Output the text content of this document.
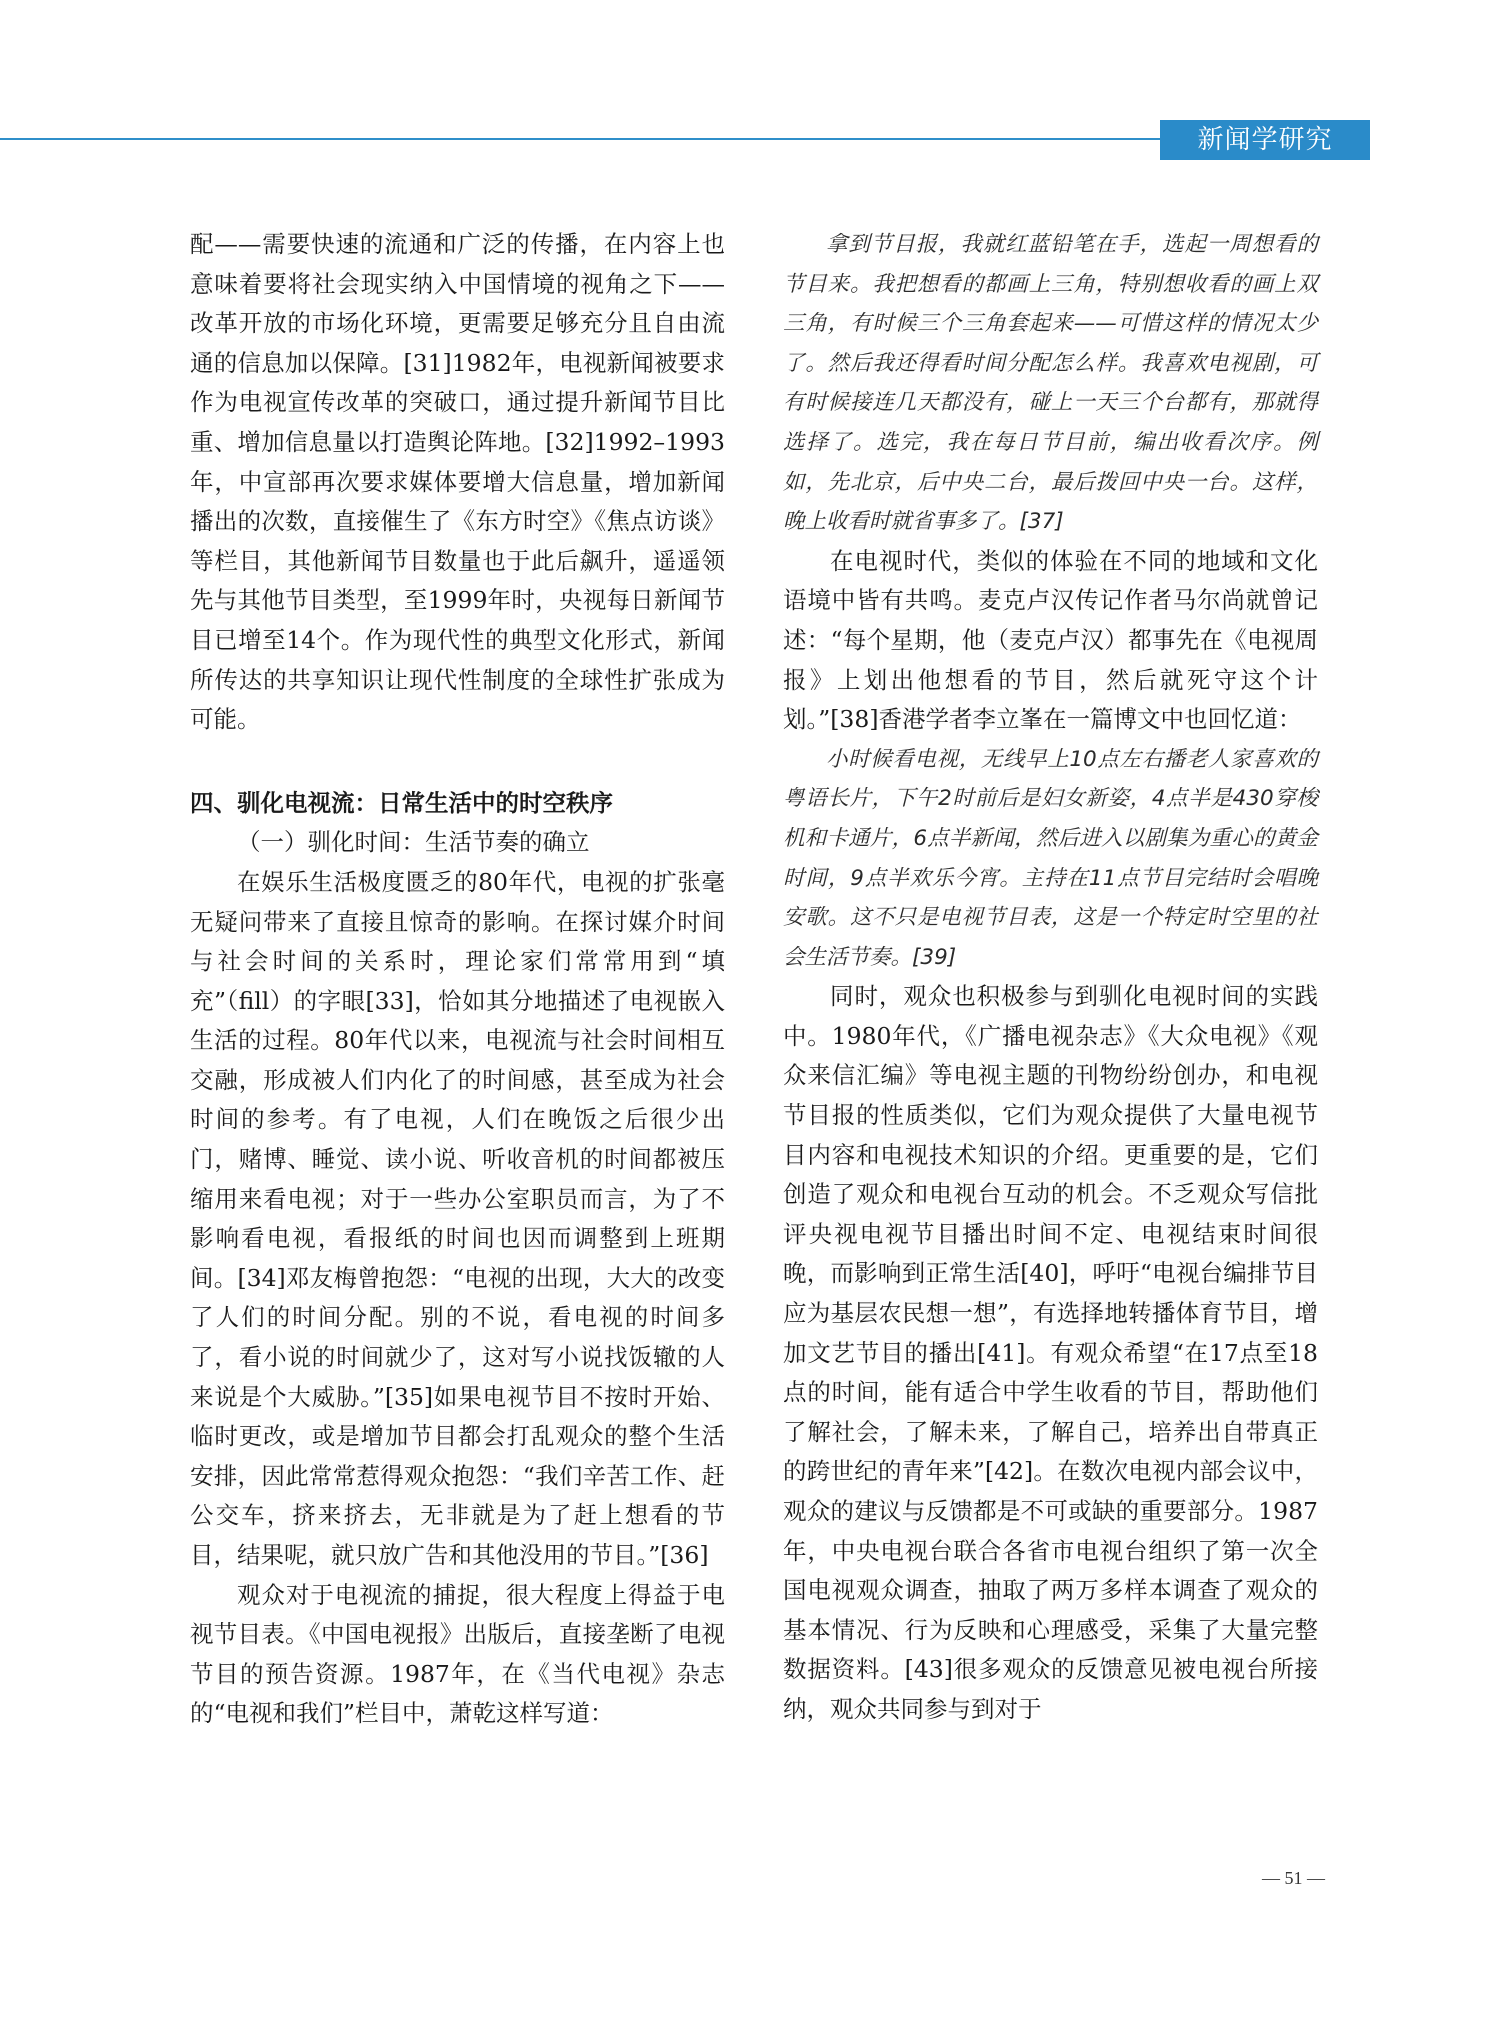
新闻学研究

配——需要快速的流通和广泛的传播，在内容上也意味着要将社会现实纳入中国情境的视角之下——改革开放的市场化环境，更需要足够充分且自由流通的信息加以保障。[31]1982年，电视新闻被要求作为电视宣传改革的突破口，通过提升新闻节目比重、增加信息量以打造舆论阵地。[32]1992–1993年，中宣部再次要求媒体要增大信息量，增加新闻播出的次数，直接催生了《东方时空》《焦点访谈》等栏目，其他新闻节目数量也于此后飙升，遥遥领先与其他节目类型，至1999年时，央视每日新闻节目已增至14个。作为现代性的典型文化形式，新闻所传达的共享知识让现代性制度的全球性扩张成为可能。

四、驯化电视流：日常生活中的时空秩序

（一）驯化时间：生活节奏的确立

在娱乐生活极度匮乏的80年代，电视的扩张毫无疑问带来了直接且惊奇的影响。在探讨媒介时间与社会时间的关系时，理论家们常常用到“填充”（fill）的字眼[33]，恰如其分地描述了电视嵌入生活的过程。80年代以来，电视流与社会时间相互交融，形成被人们内化了的时间感，甚至成为社会时间的参考。有了电视，人们在晚饭之后很少出门，赌博、睡觉、读小说、听收音机的时间都被压缩用来看电视；对于一些办公室职员而言，为了不影响看电视，看报纸的时间也因而调整到上班期间。[34]邓友梅曾抱怨：“电视的出现，大大的改变了人们的时间分配。别的不说，看电视的时间多了，看小说的时间就少了，这对写小说找饭辙的人来说是个大威胁。”[35]如果电视节目不按时开始、临时更改，或是增加节目都会打乱观众的整个生活安排，因此常常惹得观众抱怨：“我们辛苦工作、赶公交车，挤来挤去，无非就是为了赶上想看的节目，结果呢，就只放广告和其他没用的节目。”[36]

观众对于电视流的捕捉，很大程度上得益于电视节目表。《中国电视报》出版后，直接垄断了电视节目的预告资源。1987年，在《当代电视》杂志的“电视和我们”栏目中，萧乾这样写道：

拿到节目报，我就红蓝铅笔在手，选起一周想看的节目来。我把想看的都画上三角，特别想收看的画上双三角，有时候三个三角套起来——可惜这样的情况太少了。然后我还得看时间分配怎么样。我喜欢电视剧，可有时候接连几天都没有，碰上一天三个台都有，那就得选择了。选完，我在每日节目前，编出收看次序。例如，先北京，后中央二台，最后拨回中央一台。这样，晚上收看时就省事多了。[37]

在电视时代，类似的体验在不同的地域和文化语境中皆有共鸣。麦克卢汉传记作者马尔尚就曾记述：“每个星期，他（麦克卢汉）都事先在《电视周报》上划出他想看的节目，然后就死守这个计划。”[38]香港学者李立峯在一篇博文中也回忆道：

小时候看电视，无线早上10点左右播老人家喜欢的粤语长片，下午2时前后是妇女新姿，4点半是430穿梭机和卡通片，6点半新闻，然后进入以剧集为重心的黄金时间，9点半欢乐今宵。主持在11点节目完结时会唱晚安歌。这不只是电视节目表，这是一个特定时空里的社会生活节奏。[39]

同时，观众也积极参与到驯化电视时间的实践中。1980年代，《广播电视杂志》《大众电视》《观众来信汇编》等电视主题的刊物纷纷创办，和电视节目报的性质类似，它们为观众提供了大量电视节目内容和电视技术知识的介绍。更重要的是，它们创造了观众和电视台互动的机会。不乏观众写信批评央视电视节目播出时间不定、电视结束时间很晚，而影响到正常生活[40]，呼吁“电视台编排节目应为基层农民想一想”，有选择地转播体育节目，增加文艺节目的播出[41]。有观众希望“在17点至18点的时间，能有适合中学生收看的节目，帮助他们了解社会，了解未来，了解自己，培养出自带真正的跨世纪的青年来”[42]。在数次电视内部会议中，观众的建议与反馈都是不可或缺的重要部分。1987年，中央电视台联合各省市电视台组织了第一次全国电视观众调查，抽取了两万多样本调查了观众的基本情况、行为反映和心理感受，采集了大量完整数据资料。[43]很多观众的反馈意见被电视台所接纳，观众共同参与到对于

— 51 —
